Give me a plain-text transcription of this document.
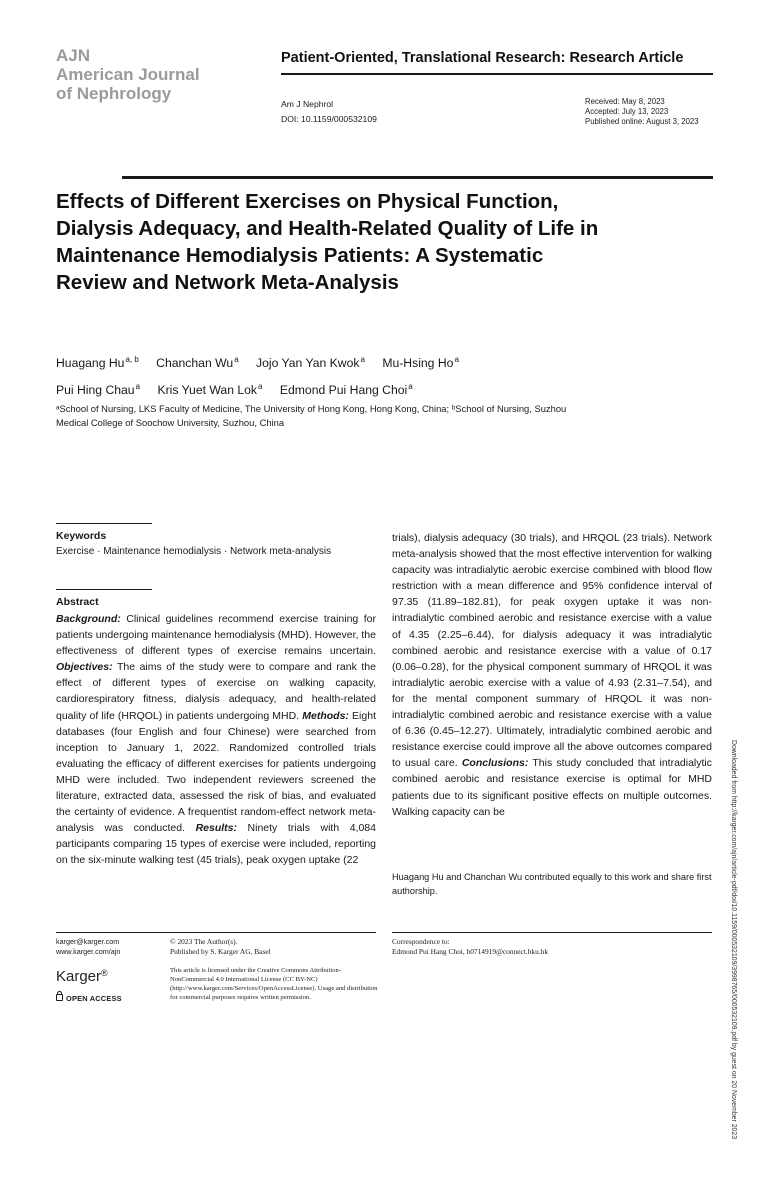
AJN
American Journal
of Nephrology
Patient-Oriented, Translational Research: Research Article
Am J Nephrol
DOI: 10.1159/000532109
Received: May 8, 2023
Accepted: July 13, 2023
Published online: August 3, 2023
Effects of Different Exercises on Physical Function, Dialysis Adequacy, and Health-Related Quality of Life in Maintenance Hemodialysis Patients: A Systematic Review and Network Meta-Analysis
Huagang Hu$^{a, b}$ Chanchan Wu$^a$ Jojo Yan Yan Kwok$^a$ Mu-Hsing Ho$^a$
Pui Hing Chau$^a$ Kris Yuet Wan Lok$^a$ Edmond Pui Hang Choi$^a$
ᵃSchool of Nursing, LKS Faculty of Medicine, The University of Hong Kong, Hong Kong, China; ᵇSchool of Nursing, Suzhou Medical College of Soochow University, Suzhou, China
Downloaded from http://karger.com/ajn/article-pdf/doi/10.1159/000532109/3998765/000532109.pdf by guest on 20 November 2023
Keywords
Exercise · Maintenance hemodialysis · Network meta-analysis
Abstract
Background: Clinical guidelines recommend exercise training for patients undergoing maintenance hemodialysis (MHD). However, the effectiveness of different types of exercise remains uncertain. Objectives: The aims of the study were to compare and rank the effect of different types of exercise on walking capacity, cardiorespiratory fitness, dialysis adequacy, and health-related quality of life (HRQOL) in patients undergoing MHD. Methods: Eight databases (four English and four Chinese) were searched from inception to January 1, 2022. Randomized controlled trials evaluating the efficacy of different exercises for patients undergoing MHD were included. Two independent reviewers screened the literature, extracted data, assessed the risk of bias, and evaluated the certainty of evidence. A frequentist random-effect network meta-analysis was conducted. Results: Ninety trials with 4,084 participants comparing 15 types of exercise were included, reporting on the six-minute walking test (45 trials), peak oxygen uptake (22
trials), dialysis adequacy (30 trials), and HRQOL (23 trials). Network meta-analysis showed that the most effective intervention for walking capacity was intradialytic aerobic exercise combined with blood flow restriction with a mean difference and 95% confidence interval of 97.35 (11.89–182.81), for peak oxygen uptake it was non-intradialytic combined aerobic and resistance exercise with a value of 4.35 (2.25–6.44), for dialysis adequacy it was intradialytic combined aerobic and resistance exercise with a value of 0.17 (0.06–0.28), for the physical component summary of HRQOL it was intradialytic aerobic exercise with a value of 4.93 (2.31–7.54), and for the mental component summary of HRQOL it was non-intradialytic combined aerobic and resistance exercise with a value of 6.36 (0.45–12.27). Ultimately, intradialytic combined aerobic and resistance exercise could improve all the above outcomes compared to usual care. Conclusions: This study concluded that intradialytic combined aerobic and resistance exercise is optimal for MHD patients due to its significant positive effects on multiple outcomes. Walking capacity can be
Huagang Hu and Chanchan Wu contributed equally to this work and share first authorship.
karger@karger.com
www.karger.com/ajn
Karger®
OPEN ACCESS
© 2023 The Author(s).
Published by S. Karger AG, Basel
This article is licensed under the Creative Commons Attribution-NonCommercial 4.0 International License (CC BY-NC) (http://www.karger.com/Services/OpenAccessLicense). Usage and distribution for commercial purposes requires written permission.
Correspondence to:
Edmond Pui Hang Choi, h0714919@connect.hku.hk
